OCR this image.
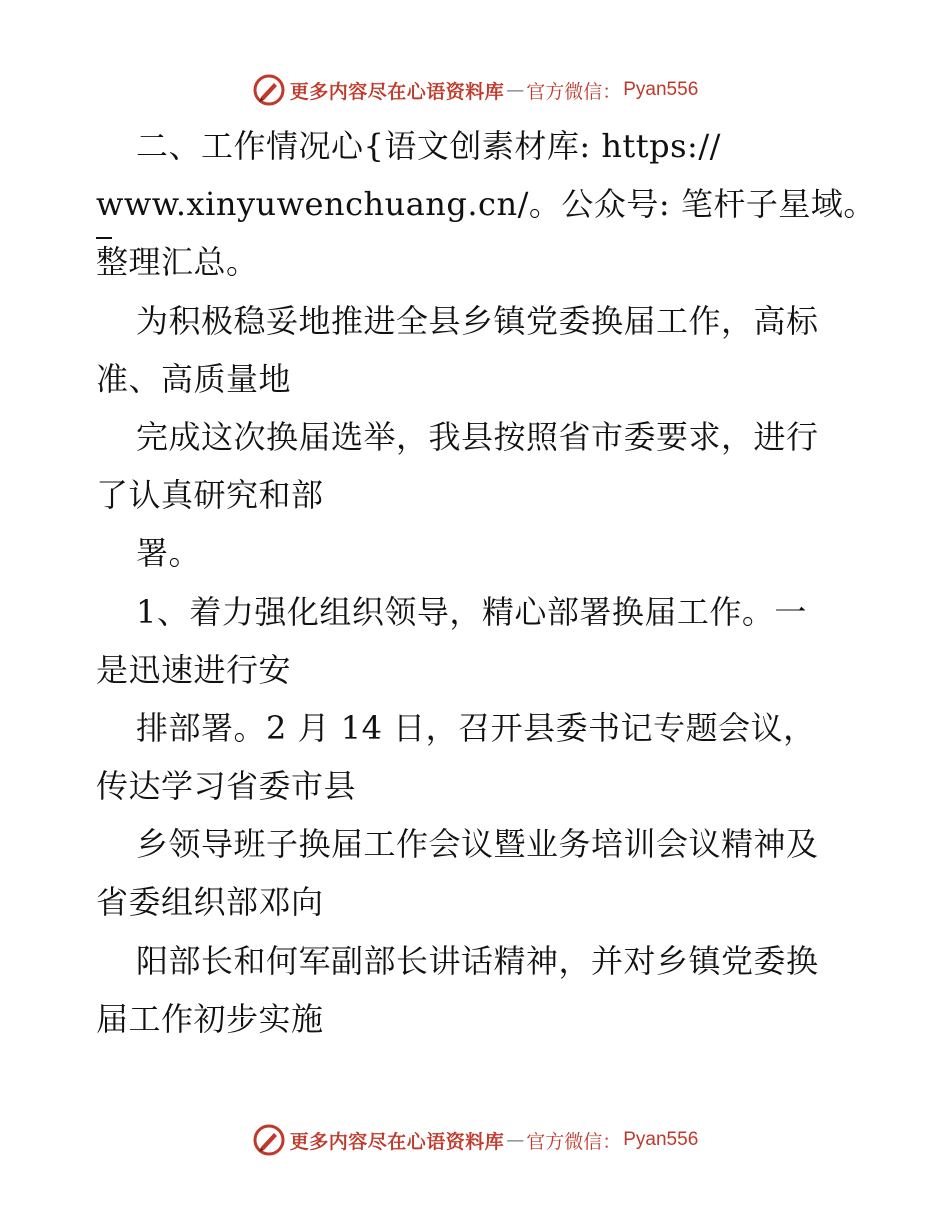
更多内容尽在心语资料库 — 官方微信： Pyan556
二、工作情况心{语文创素材库: https://
www.xinyuwenchuang.cn/。公众号: 笔杆子星域。
整理汇总。
为积极稳妥地推进全县乡镇党委换届工作，高标
准、高质量地
完成这次换届选举，我县按照省市委要求，进行
了认真研究和部
署。
1、着力强化组织领导，精心部署换届工作。一
是迅速进行安
排部署。2 月 14 日，召开县委书记专题会议，
传达学习省委市县
乡领导班子换届工作会议暨业务培训会议精神及
省委组织部邓向
阳部长和何军副部长讲话精神，并对乡镇党委换
届工作初步实施
更多内容尽在心语资料库 — 官方微信： Pyan556
